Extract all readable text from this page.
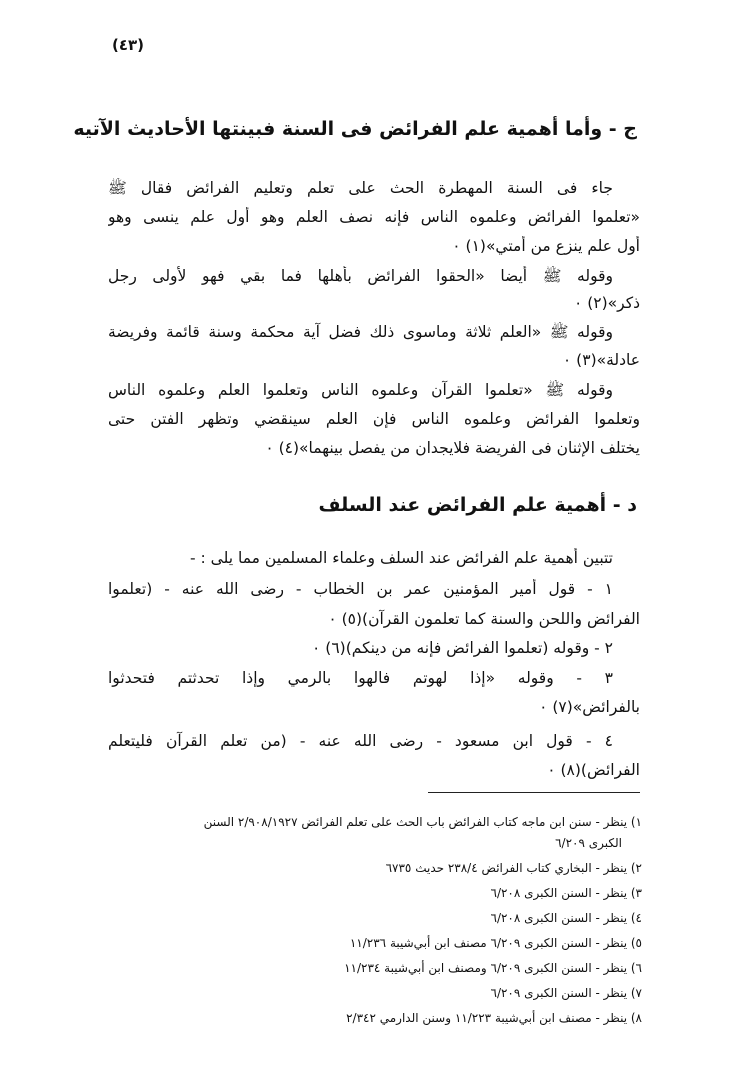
(٤٣)
ج - وأما أهمية علم الفرائض فى السنة فبينتها الأحاديث الآتيه
جاء فى السنة المهطرة الحث على تعلم وتعليم الفرائض فقال ﷺ
«تعلموا الفرائض وعلموه الناس فإنه نصف العلم وهو أول علم ينسى وهو
أول علم ينزع من أمتي»(١) ٠
وقوله ﷺ أيضا «الحقوا الفرائض بأهلها فما بقي فهو لأولى رجل
ذكر»(٢) ٠
وقوله ﷺ «العلم ثلاثة وماسوى ذلك فضل آية محكمة وسنة قائمة وفريضة
عادلة»(٣) ٠
وقوله ﷺ «تعلموا القرآن وعلموه الناس وتعلموا العلم وعلموه الناس
وتعلموا الفرائض وعلموه الناس فإن العلم سينقضي وتظهر الفتن حتى
يختلف الإثنان فى الفريضة فلايجدان من يفصل بينهما»(٤) ٠
د - أهمية علم الفرائض عند السلف
تتبين أهمية علم الفرائض عند السلف وعلماء المسلمين مما يلى : -
١ - قول أمير المؤمنين عمر بن الخطاب - رضى الله عنه - (تعلموا
الفرائض واللحن والسنة كما تعلمون القرآن)(٥) ٠
٢ - وقوله (تعلموا الفرائض فإنه من دينكم)(٦) ٠
٣ - وقوله «إذا لهوتم فالهوا بالرمي وإذا تحدثتم فتحدثوا
بالفرائض»(٧) ٠
٤ - قول ابن مسعود - رضى الله عنه - (من تعلم القرآن فليتعلم
الفرائض)(٨) ٠
١) ينظر - سنن ابن ماجه كتاب الفرائض باب الحث على تعلم الفرائض ٢/٩٠٨/١٩٢٧ السنن
الكبرى ٦/٢٠٩
٢) ينظر - البخاري كتاب الفرائض ٢٣٨/٤ حديث ٦٧٣٥
٣) ينظر - السنن الكبرى ٦/٢٠٨
٤) ينظر - السنن الكبرى ٦/٢٠٨
٥) ينظر - السنن الكبرى ٦/٢٠٩ مصنف ابن أبي‌شيبة ١١/٢٣٦
٦) ينظر - السنن الكبرى ٦/٢٠٩ ومصنف ابن أبي‌شيبة ١١/٢٣٤
٧) ينظر - السنن الكبرى ٦/٢٠٩
٨) ينظر - مصنف ابن أبي‌شيبة ١١/٢٢٣ وسنن الدارمي ٢/٣٤٢
